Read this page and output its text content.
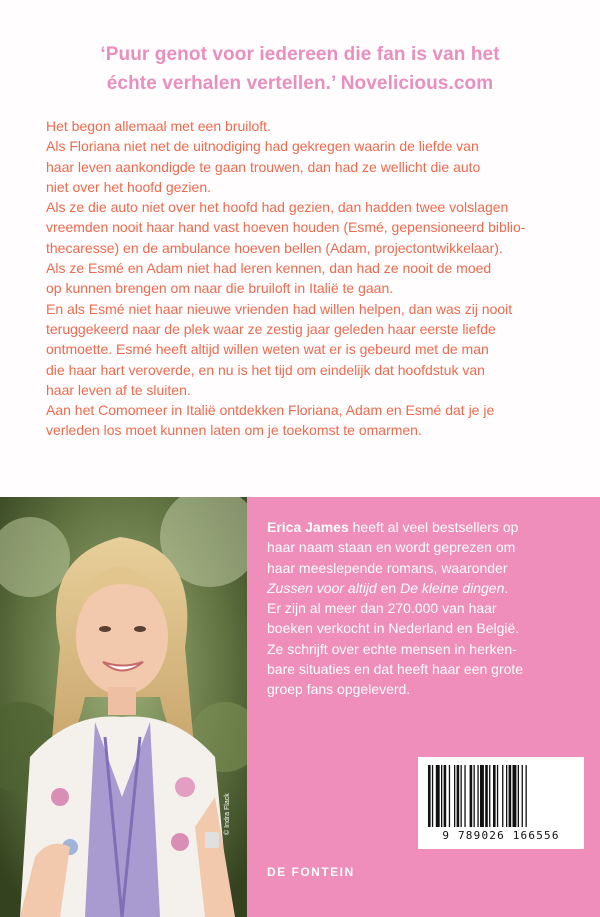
‘Puur genot voor iedereen die fan is van het
échte verhalen vertellen.’ Novelicious.com
Het begon allemaal met een bruiloft.
Als Floriana niet net de uitnodiging had gekregen waarin de liefde van
haar leven aankondigde te gaan trouwen, dan had ze wellicht die auto
niet over het hoofd gezien.
Als ze die auto niet over het hoofd had gezien, dan hadden twee volslagen
vreemden nooit haar hand vast hoeven houden (Esmé, gepensioneerd biblio-
thecaresse) en de ambulance hoeven bellen (Adam, projectontwikkelaar).
Als ze Esmé en Adam niet had leren kennen, dan had ze nooit de moed
op kunnen brengen om naar die bruiloft in Italië te gaan.
En als Esmé niet haar nieuwe vrienden had willen helpen, dan was zij nooit
teruggekeerd naar de plek waar ze zestig jaar geleden haar eerste liefde
ontmoette. Esmé heeft altijd willen weten wat er is gebeurd met de man
die haar hart veroverde, en nu is het tijd om eindelijk dat hoofdstuk van
haar leven af te sluiten.
Aan het Comomeer in Italië ontdekken Floriana, Adam en Esmé dat je je
verleden los moet kunnen laten om je toekomst te omarmen.
© Indra Flack
Erica James heeft al veel bestsellers op
haar naam staan en wordt geprezen om
haar meeslepende romans, waaronder
Zussen voor altijd en De kleine dingen.
Er zijn al meer dan 270.000 van haar
boeken verkocht in Nederland en België.
Ze schrijft over echte mensen in herken-
bare situaties en dat heeft haar een grote
groep fans opgeleverd.
9 789026 166556
DE FONTEIN
